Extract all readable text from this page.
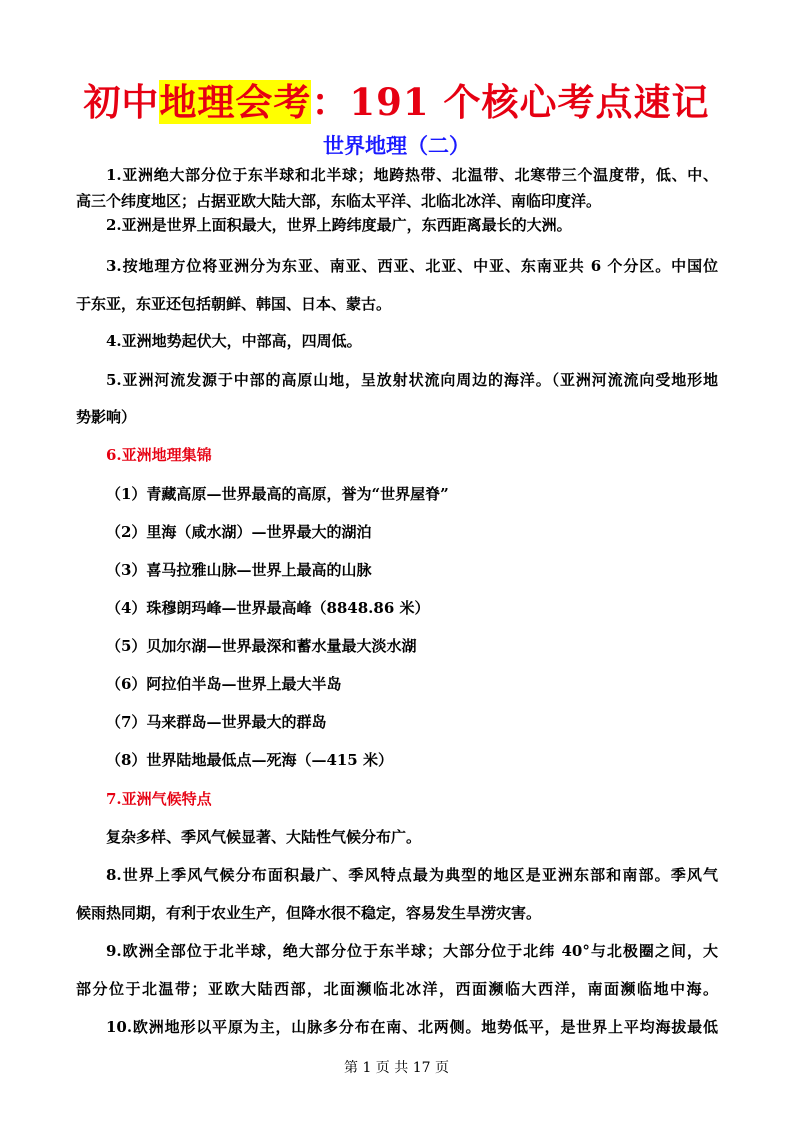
初中地理会考：191 个核心考点速记
世界地理（二）
1.亚洲绝大部分位于东半球和北半球；地跨热带、北温带、北寒带三个温度带，低、中、
高三个纬度地区；占据亚欧大陆大部，东临太平洋、北临北冰洋、南临印度洋。
2.亚洲是世界上面积最大，世界上跨纬度最广，东西距离最长的大洲。
3.按地理方位将亚洲分为东亚、南亚、西亚、北亚、中亚、东南亚共 6 个分区。中国位
于东亚，东亚还包括朝鲜、韩国、日本、蒙古。
4.亚洲地势起伏大，中部高，四周低。
5.亚洲河流发源于中部的高原山地，呈放射状流向周边的海洋。（亚洲河流流向受地形地
势影响）
6.亚洲地理集锦
（1）青藏高原—世界最高的高原，誉为“世界屋脊”
（2）里海（咸水湖）—世界最大的湖泊
（3）喜马拉雅山脉—世界上最高的山脉
（4）珠穆朗玛峰—世界最高峰（8848.86 米）
（5）贝加尔湖—世界最深和蓄水量最大淡水湖
（6）阿拉伯半岛—世界上最大半岛
（7）马来群岛—世界最大的群岛
（8）世界陆地最低点—死海（—415 米）
7.亚洲气候特点
复杂多样、季风气候显著、大陆性气候分布广。
8.世界上季风气候分布面积最广、季风特点最为典型的地区是亚洲东部和南部。季风气
候雨热同期，有利于农业生产，但降水很不稳定，容易发生旱涝灾害。
9.欧洲全部位于北半球，绝大部分位于东半球；大部分位于北纬 40°与北极圈之间，大
部分位于北温带；亚欧大陆西部，北面濒临北冰洋，西面濒临大西洋，南面濒临地中海。
10.欧洲地形以平原为主，山脉多分布在南、北两侧。地势低平，是世界上平均海拔最低
第 1 页 共 17 页
